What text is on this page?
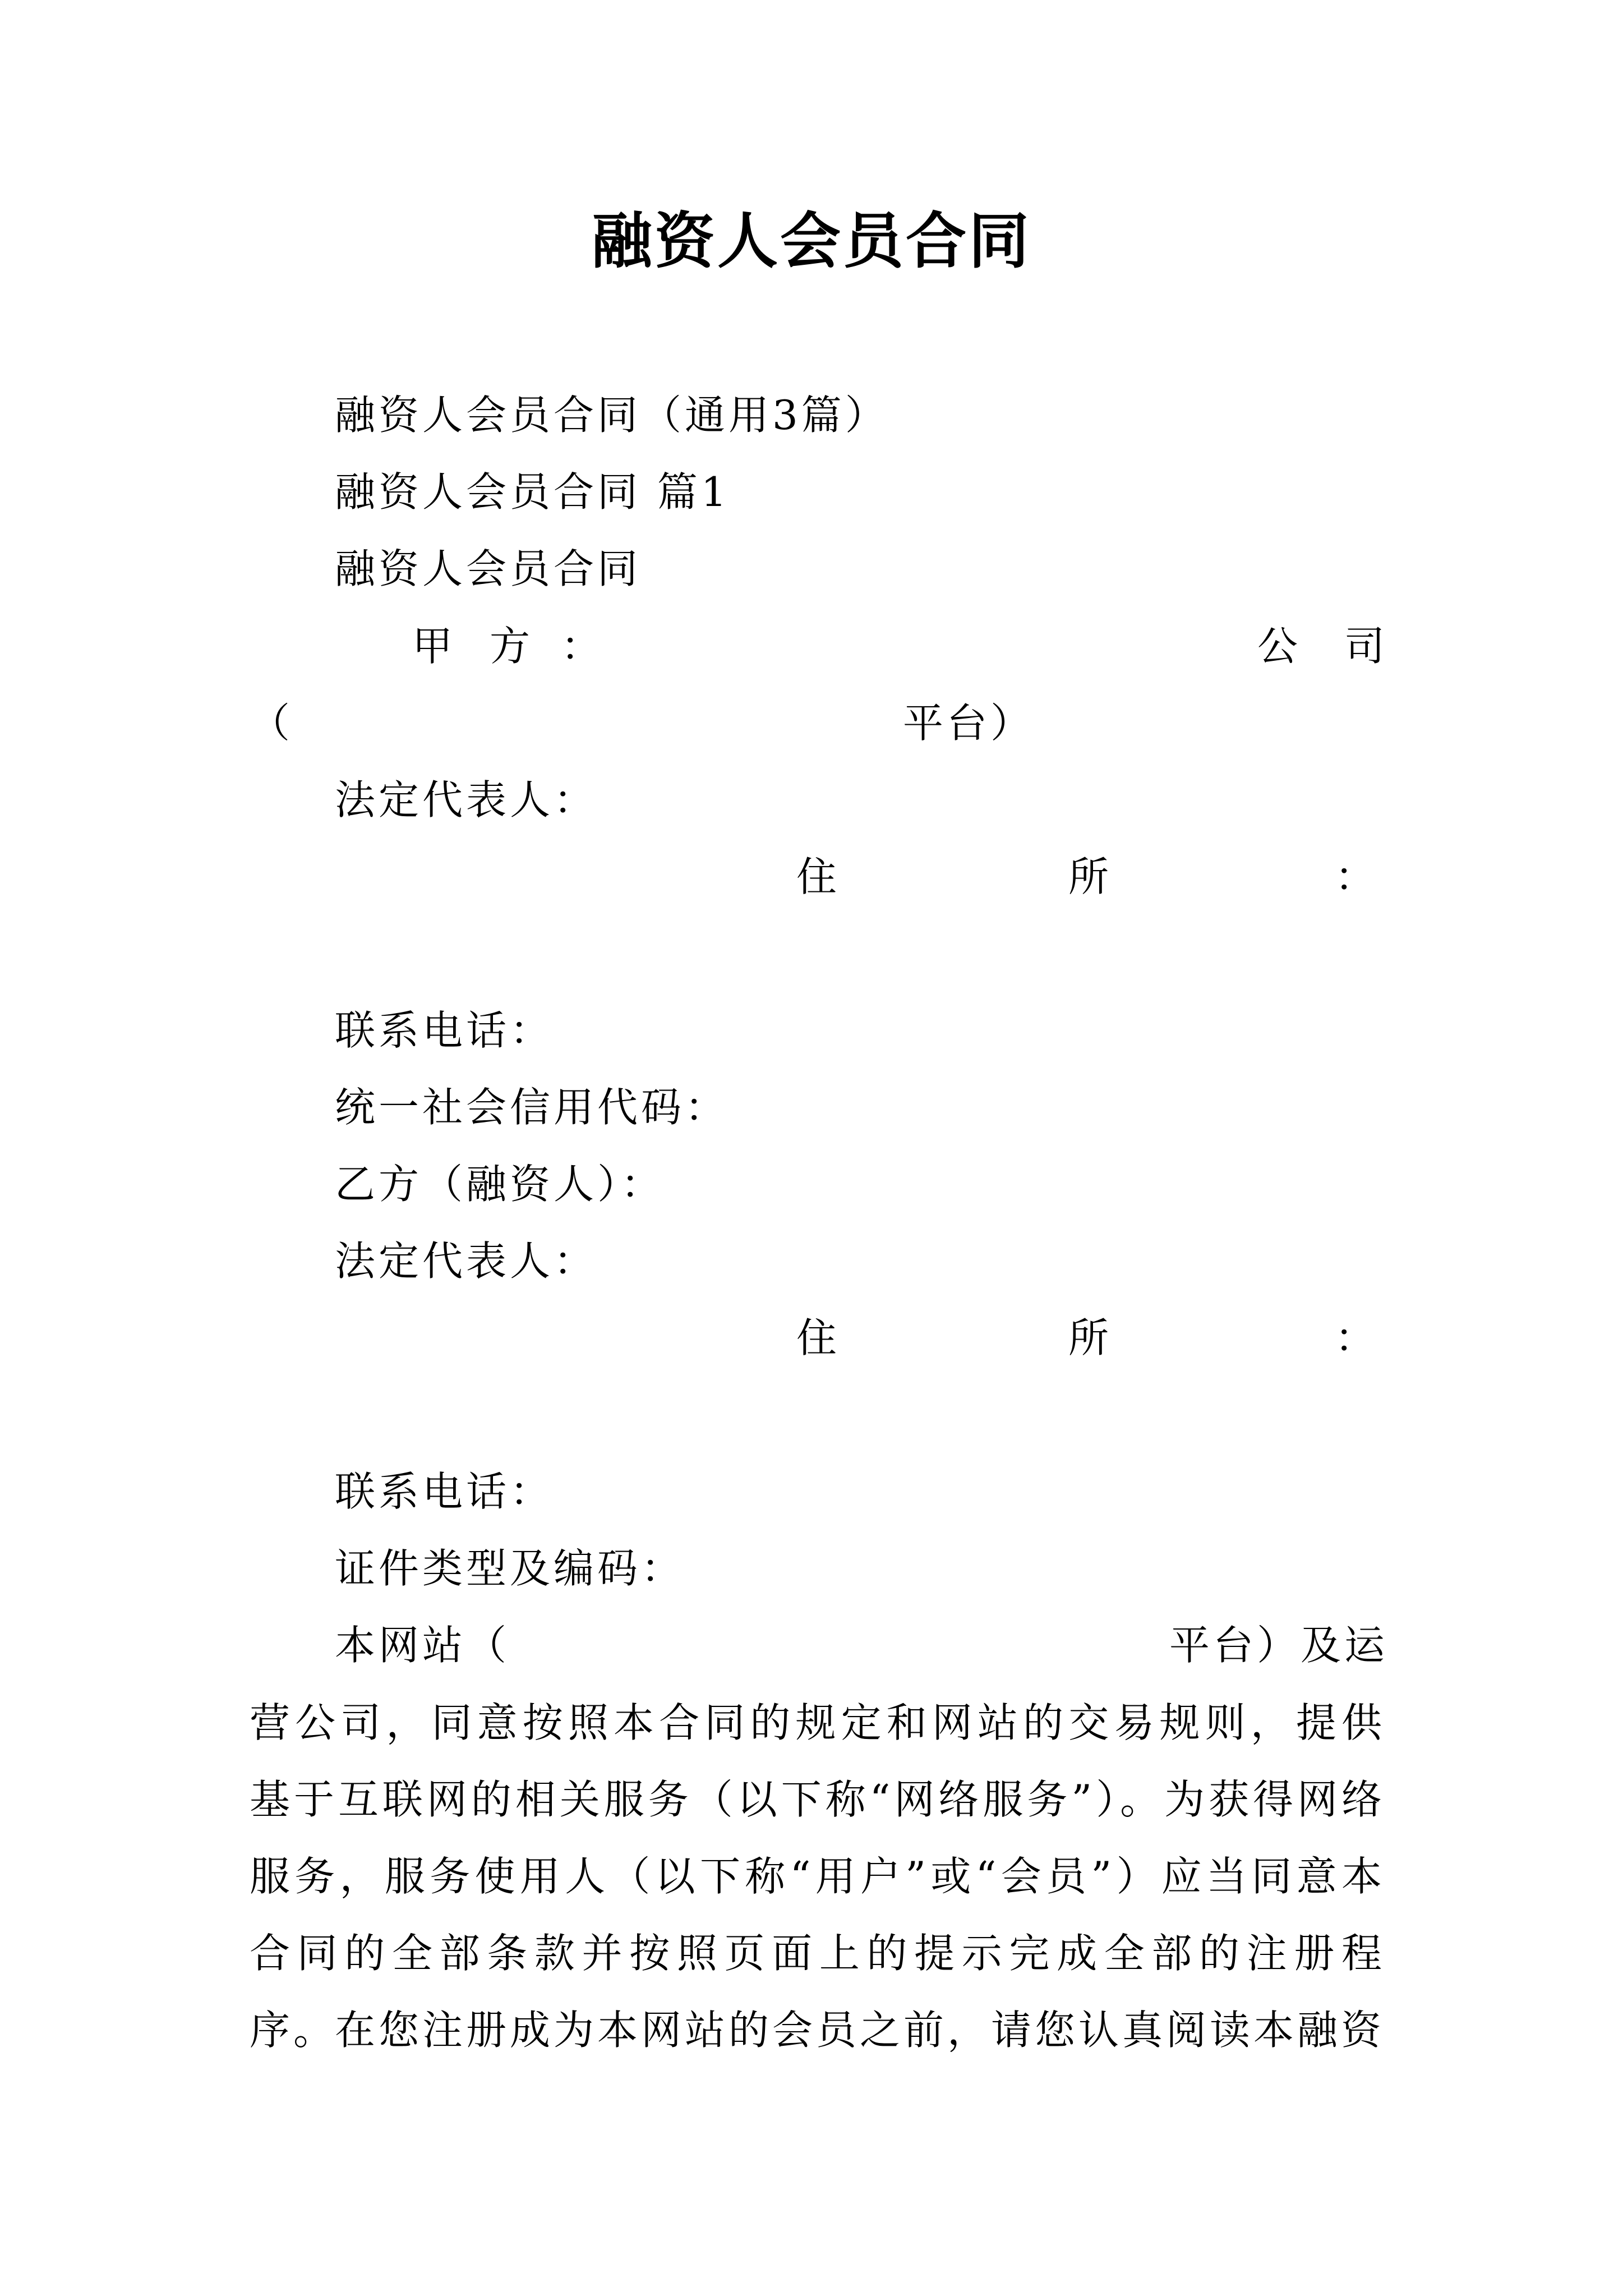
融资人会员合同
融资人会员合同（通用3篇）
融资人会员合同 篇1
融资人会员合同
甲 方 ：	公 司
（	平台）
法定代表人：
住	所	：
联系电话：
统一社会信用代码：
乙方（融资人）：
法定代表人：
住	所	：
联系电话：
证件类型及编码：
本网站（	平台）及运
营公司，同意按照本合同的规定和网站的交易规则，提供基于互联网的相关服务（以下称“网络服务”）。为获得网络服务，服务使用人（以下称“用户”或“会员”）应当同意本合同的全部条款并按照页面上的提示完成全部的注册程序。
在您注册成为本网站的会员之前，请您认真阅读本融资
